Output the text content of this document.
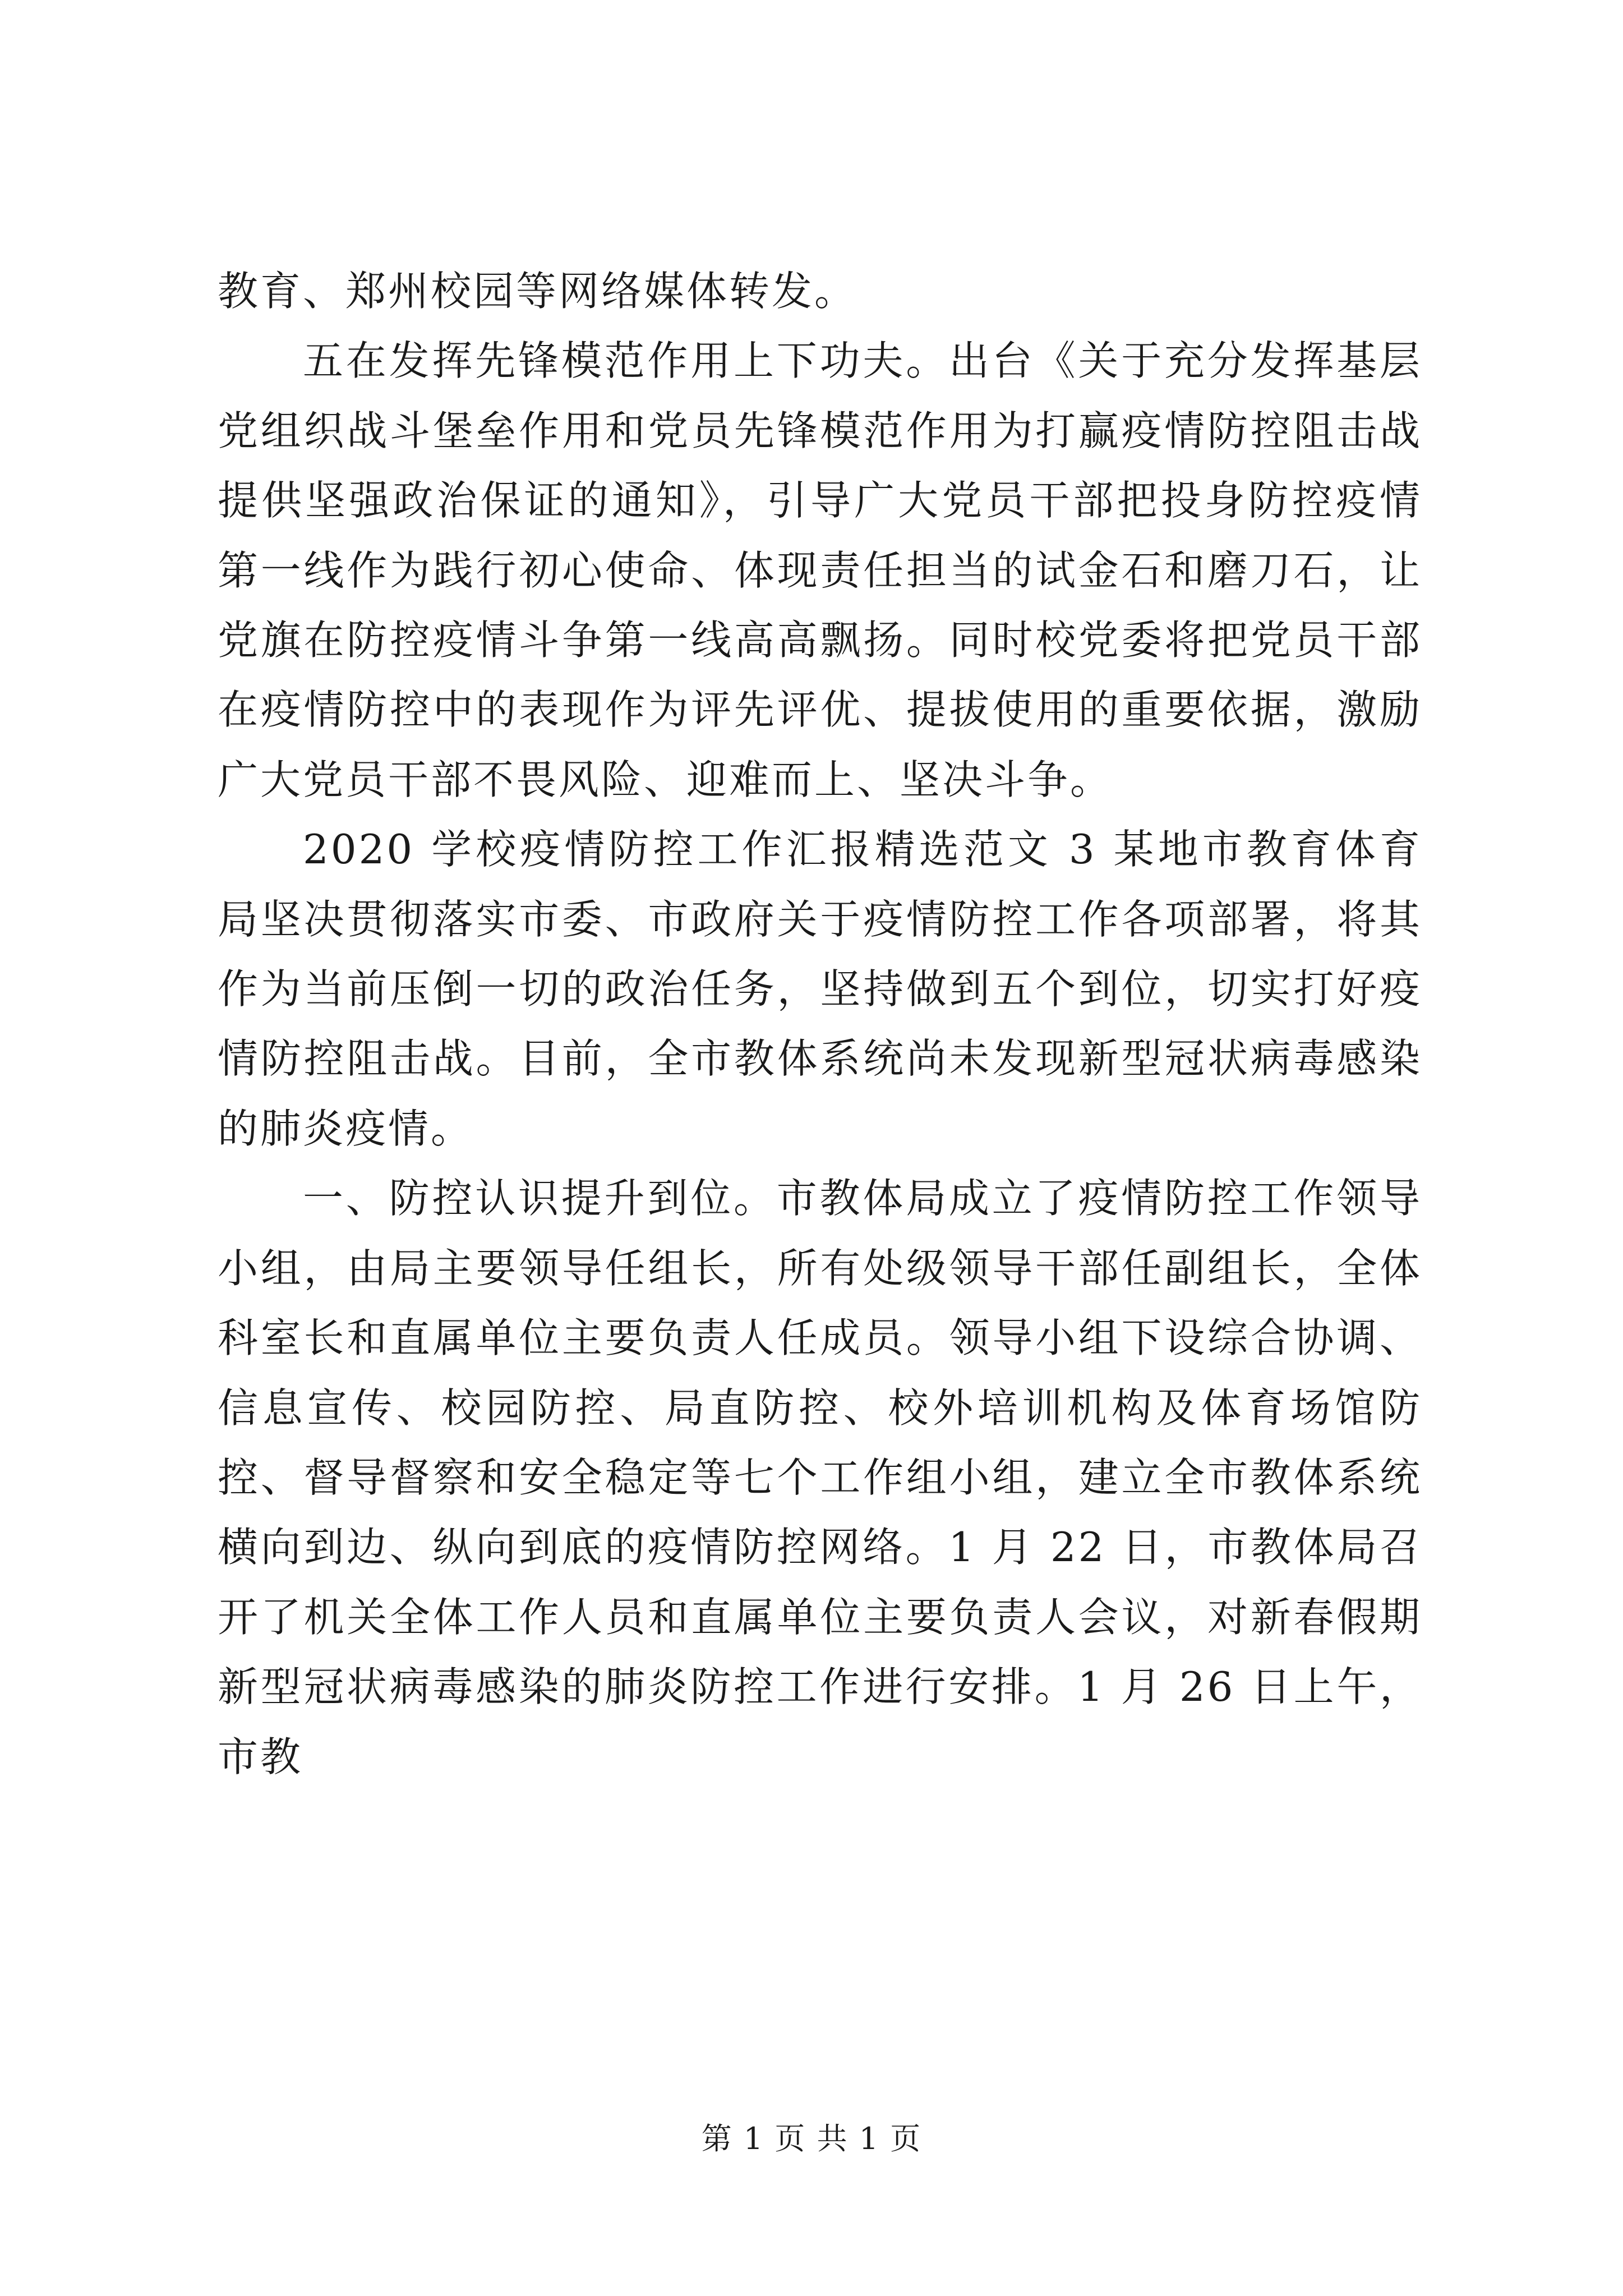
教育、郑州校园等网络媒体转发。

五在发挥先锋模范作用上下功夫。出台《关于充分发挥基层党组织战斗堡垒作用和党员先锋模范作用为打赢疫情防控阻击战提供坚强政治保证的通知》，引导广大党员干部把投身防控疫情第一线作为践行初心使命、体现责任担当的试金石和磨刀石，让党旗在防控疫情斗争第一线高高飘扬。同时校党委将把党员干部在疫情防控中的表现作为评先评优、提拔使用的重要依据，激励广大党员干部不畏风险、迎难而上、坚决斗争。

2020 学校疫情防控工作汇报精选范文 3 某地市教育体育局坚决贯彻落实市委、市政府关于疫情防控工作各项部署，将其作为当前压倒一切的政治任务，坚持做到五个到位，切实打好疫情防控阻击战。目前，全市教体系统尚未发现新型冠状病毒感染的肺炎疫情。

一、防控认识提升到位。市教体局成立了疫情防控工作领导小组，由局主要领导任组长，所有处级领导干部任副组长，全体科室长和直属单位主要负责人任成员。领导小组下设综合协调、信息宣传、校园防控、局直防控、校外培训机构及体育场馆防控、督导督察和安全稳定等七个工作组小组，建立全市教体系统横向到边、纵向到底的疫情防控网络。1 月 22 日，市教体局召开了机关全体工作人员和直属单位主要负责人会议，对新春假期新型冠状病毒感染的肺炎防控工作进行安排。1 月 26 日上午，市教

第 1 页 共 1 页
